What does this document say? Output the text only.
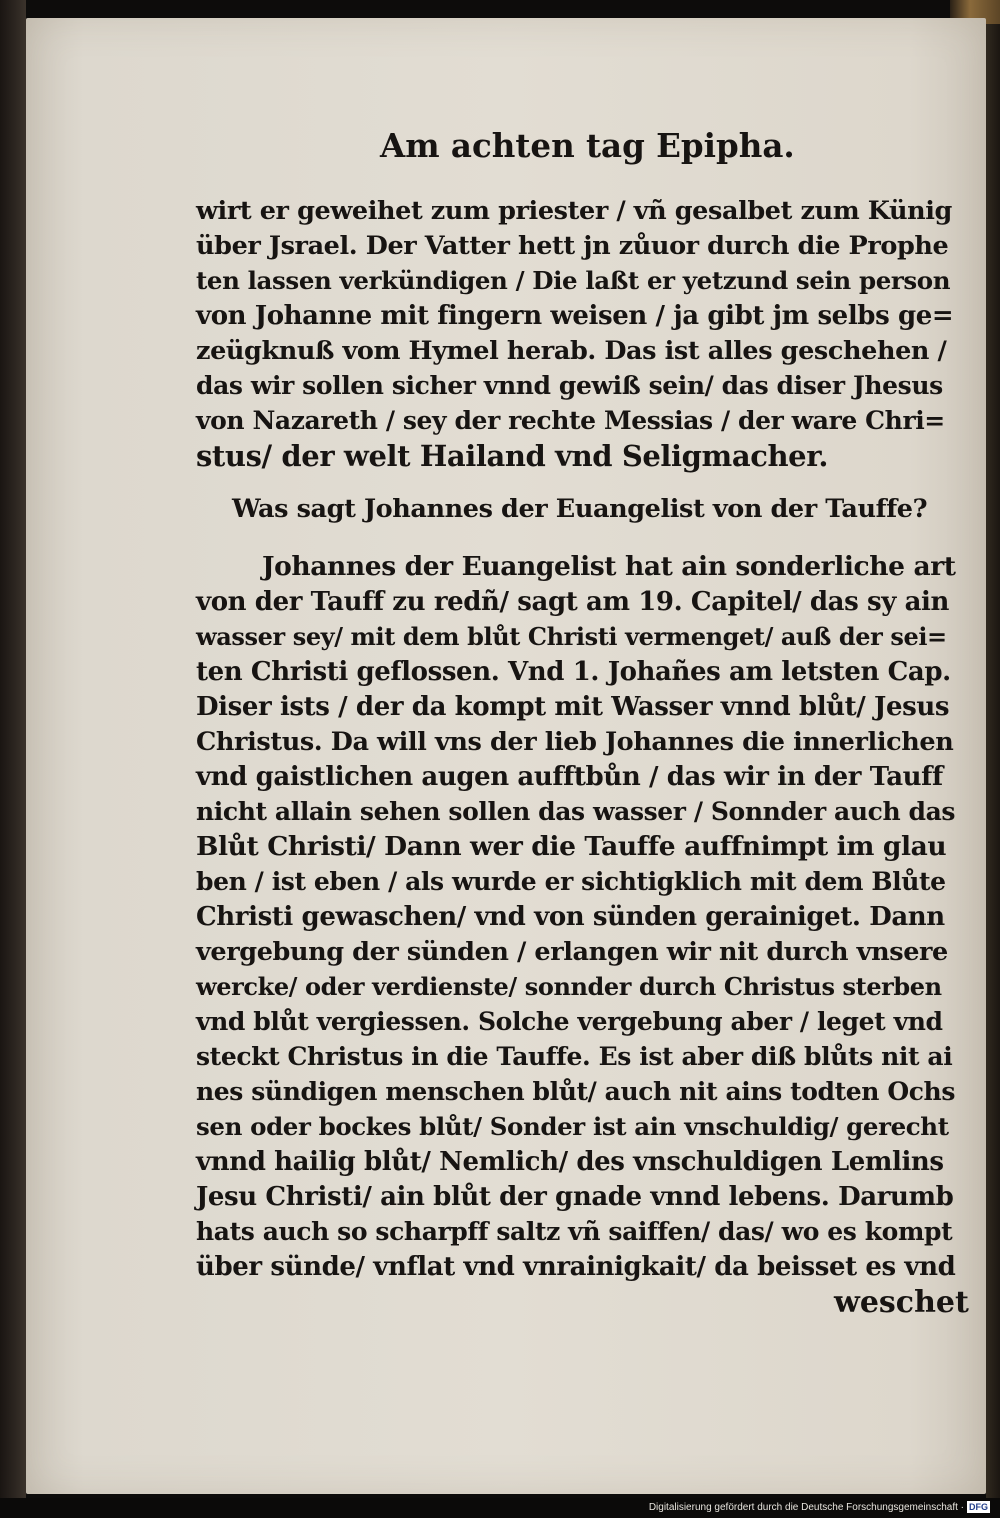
Am achten tag Epipha.
wirt er geweihet zum priester / vñ gesalbet zum Künig
über Jsrael. Der Vatter hett jn zůuor durch die Prophe
ten lassen verkündigen / Die laßt er yetzund sein person
von Johanne mit fingern weisen / ja gibt jm selbs ge=
zeügknuß vom Hymel herab. Das ist alles geschehen /
das wir sollen sicher vnnd gewiß sein/ das diser Jhesus
von Nazareth / sey der rechte Messias / der ware Chri=
stus/ der welt Hailand vnd Seligmacher.
Was sagt Johannes der Euangelist von der Tauffe?
Johannes der Euangelist hat ain sonderliche art
von der Tauff zu redñ/ sagt am 19. Capitel/ das sy ain
wasser sey/ mit dem blůt Christi vermenget/ auß der sei=
ten Christi geflossen. Vnd 1. Johañes am letsten Cap.
Diser ists / der da kompt mit Wasser vnnd blůt/ Jesus
Christus. Da will vns der lieb Johannes die innerlichen
vnd gaistlichen augen aufftbůn / das wir in der Tauff
nicht allain sehen sollen das wasser / Sonnder auch das
Blůt Christi/ Dann wer die Tauffe auffnimpt im glau
ben / ist eben / als wurde er sichtigklich mit dem Blůte
Christi gewaschen/ vnd von sünden gerainiget. Dann
vergebung der sünden / erlangen wir nit durch vnsere
wercke/ oder verdienste/ sonnder durch Christus sterben
vnd blůt vergiessen. Solche vergebung aber / leget vnd
steckt Christus in die Tauffe. Es ist aber diß blůts nit ai
nes sündigen menschen blůt/ auch nit ains todten Ochs
sen oder bockes blůt/ Sonder ist ain vnschuldig/ gerecht
vnnd hailig blůt/ Nemlich/ des vnschuldigen Lemlins
Jesu Christi/ ain blůt der gnade vnnd lebens. Darumb
hats auch so scharpff saltz vñ saiffen/ das/ wo es kompt
über sünde/ vnflat vnd vnrainigkait/ da beisset es vnd
weschet
Digitalisierung gefördert durch die Deutsche Forschungsgemeinschaft · DFG
